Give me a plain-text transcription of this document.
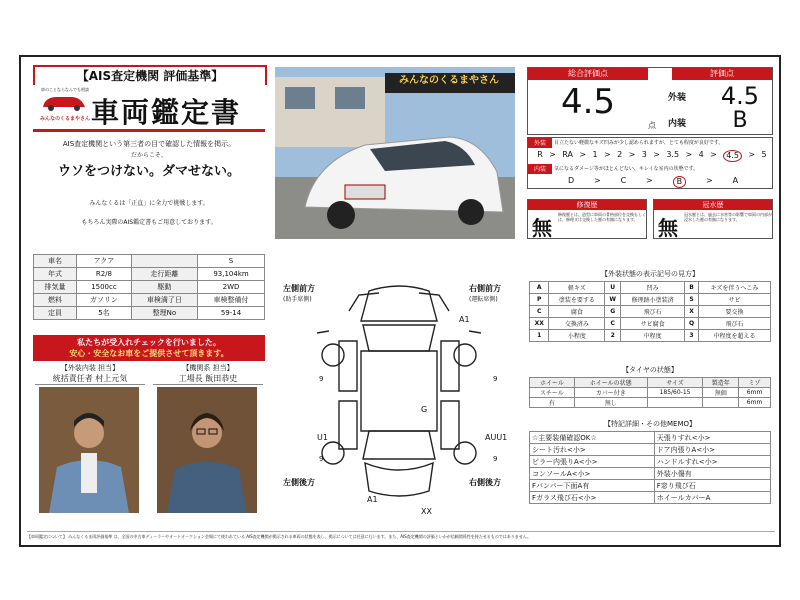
【AIS査定機関 評価基準】
車のことならなんでも相談
みんなのくるまやさん 車両鑑定書
AIS査定機関という第三者の目で確認した情報を掲示。
だからこそ、
ウソをつけない。ダマせない。
みんなくるは「正直」に全力で挑戦します。
もちろん実際のAIS鑑定書もご用意しております。
みんなのくるまやさん
総合評価点	評価点
4.5
点
外装	4.5
内装	B
外装	目立たない軽微なキズ凹みが少し認められますが、とても程度が良好です。
R > RA > 1 > 2 > 3 > 3.5 > 4 >	4.5	> 5
内装	気になるダメージ等がほとんどない、キレイな室内の状態です。
D > C >	B	> A
修復歴
無
修復歴とは、造型に車両の骨格部位を交換もしくは、修理又は交換した歴の有無になります。
冠水歴
無
冠水歴とは、過去に水害等の影響で車両の内部が浸水した歴の有無になります。
車名	アクア		S
年式	R2/8	走行距離	93,104km
排気量	1500cc	駆動	2WD
燃料	ガソリン	車検満了日	車検整備付
定員	5名	整理No	59-14
私たちが受入れチェックを行いました。
安心・安全なお車をご提供させて頂きます。
【外装内装 担当】
統括責任者 村上元気
【機関系 担当】
工場長 飯田恭史
左側前方
(助手席側)
右側前方
(運転席側)
左側後方	右側後方
A1
G
U1	AUU1
A1
XX
9	9
9	9
【外装状態の表示記号の見方】
A	軽キズ	U	凹み	B	キズを伴うへこみ
P	塗装を要する	W	修理跡小塗装済	S	サビ
C	腐食	G	飛び石	X	要交換
XX	交換済み	C	サビ腐食	Q	飛び石
1	小程度	2	中程度	3	中程度を超える
【タイヤの状態】
ホイール	ホイールの状態	サイズ	製造年	ミゾ
スチール	カバー付き	185/60-15	無価	6mm
有	無し			6mm
【特記詳細・その他MEMO】
☆主要装備確認OK☆	天張りすれ<小>
シート汚れ<小>	ドア内張りA<小>
ピラー内張りA<小>	ハンドルすれ<小>
コンソールA<小>	外装小傷有
Fバンパー下面A有	F窓り飛び石
Fガラス飛び石<小>	ホイールカバーA
【車両鑑定について】 みんなくるま両評価基準 は、全国の中古車ディーラーやオートオークション会場にて使われている AIS査定機関が掲示される車両の状態を表し、掲示については任意に行います。また、AIS査定機関の評価といかが信頼関係性を持たせるものではありません。
